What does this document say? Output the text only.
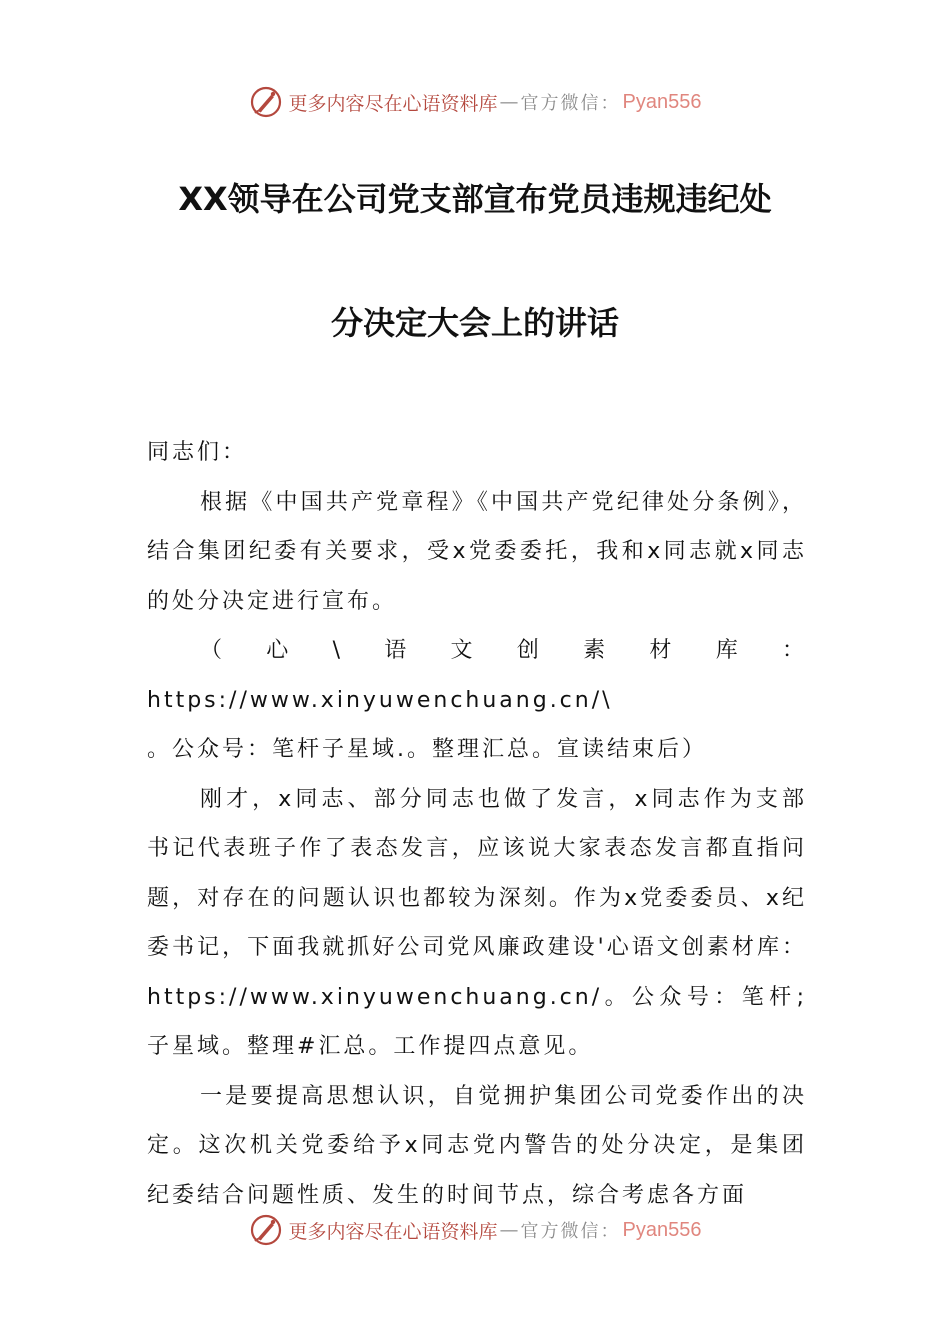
更多内容尽在心语资料库 — 官方微信： Pyan556
XX领导在公司党支部宣布党员违规违纪处
分决定大会上的讲话

同志们：

根据《中国共产党章程》《中国共产党纪律处分条例》，结合集团纪委有关要求，受x党委委托，我和x同志就x同志的处分决定进行宣布。

（心\语文创素材库：https://www.xinyuwenchuang.cn/\

。公众号：笔杆子星域.。整理汇总。宣读结束后）

刚才，x同志、部分同志也做了发言，x同志作为支部书记代表班子作了表态发言，应该说大家表态发言都直指问题，对存在的问题认识也都较为深刻。作为x党委委员、x纪委书记，下面我就抓好公司党风廉政建设'心语文创素材库：https://www.xinyuwenchuang.cn/。公众号：笔杆;子星域。整理#汇总。工作提四点意见。

一是要提高思想认识，自觉拥护集团公司党委作出的决定。这次机关党委给予x同志党内警告的处分决定，是集团纪委结合问题性质、发生的时间节点，综合考虑各方面

更多内容尽在心语资料库 — 官方微信： Pyan556
